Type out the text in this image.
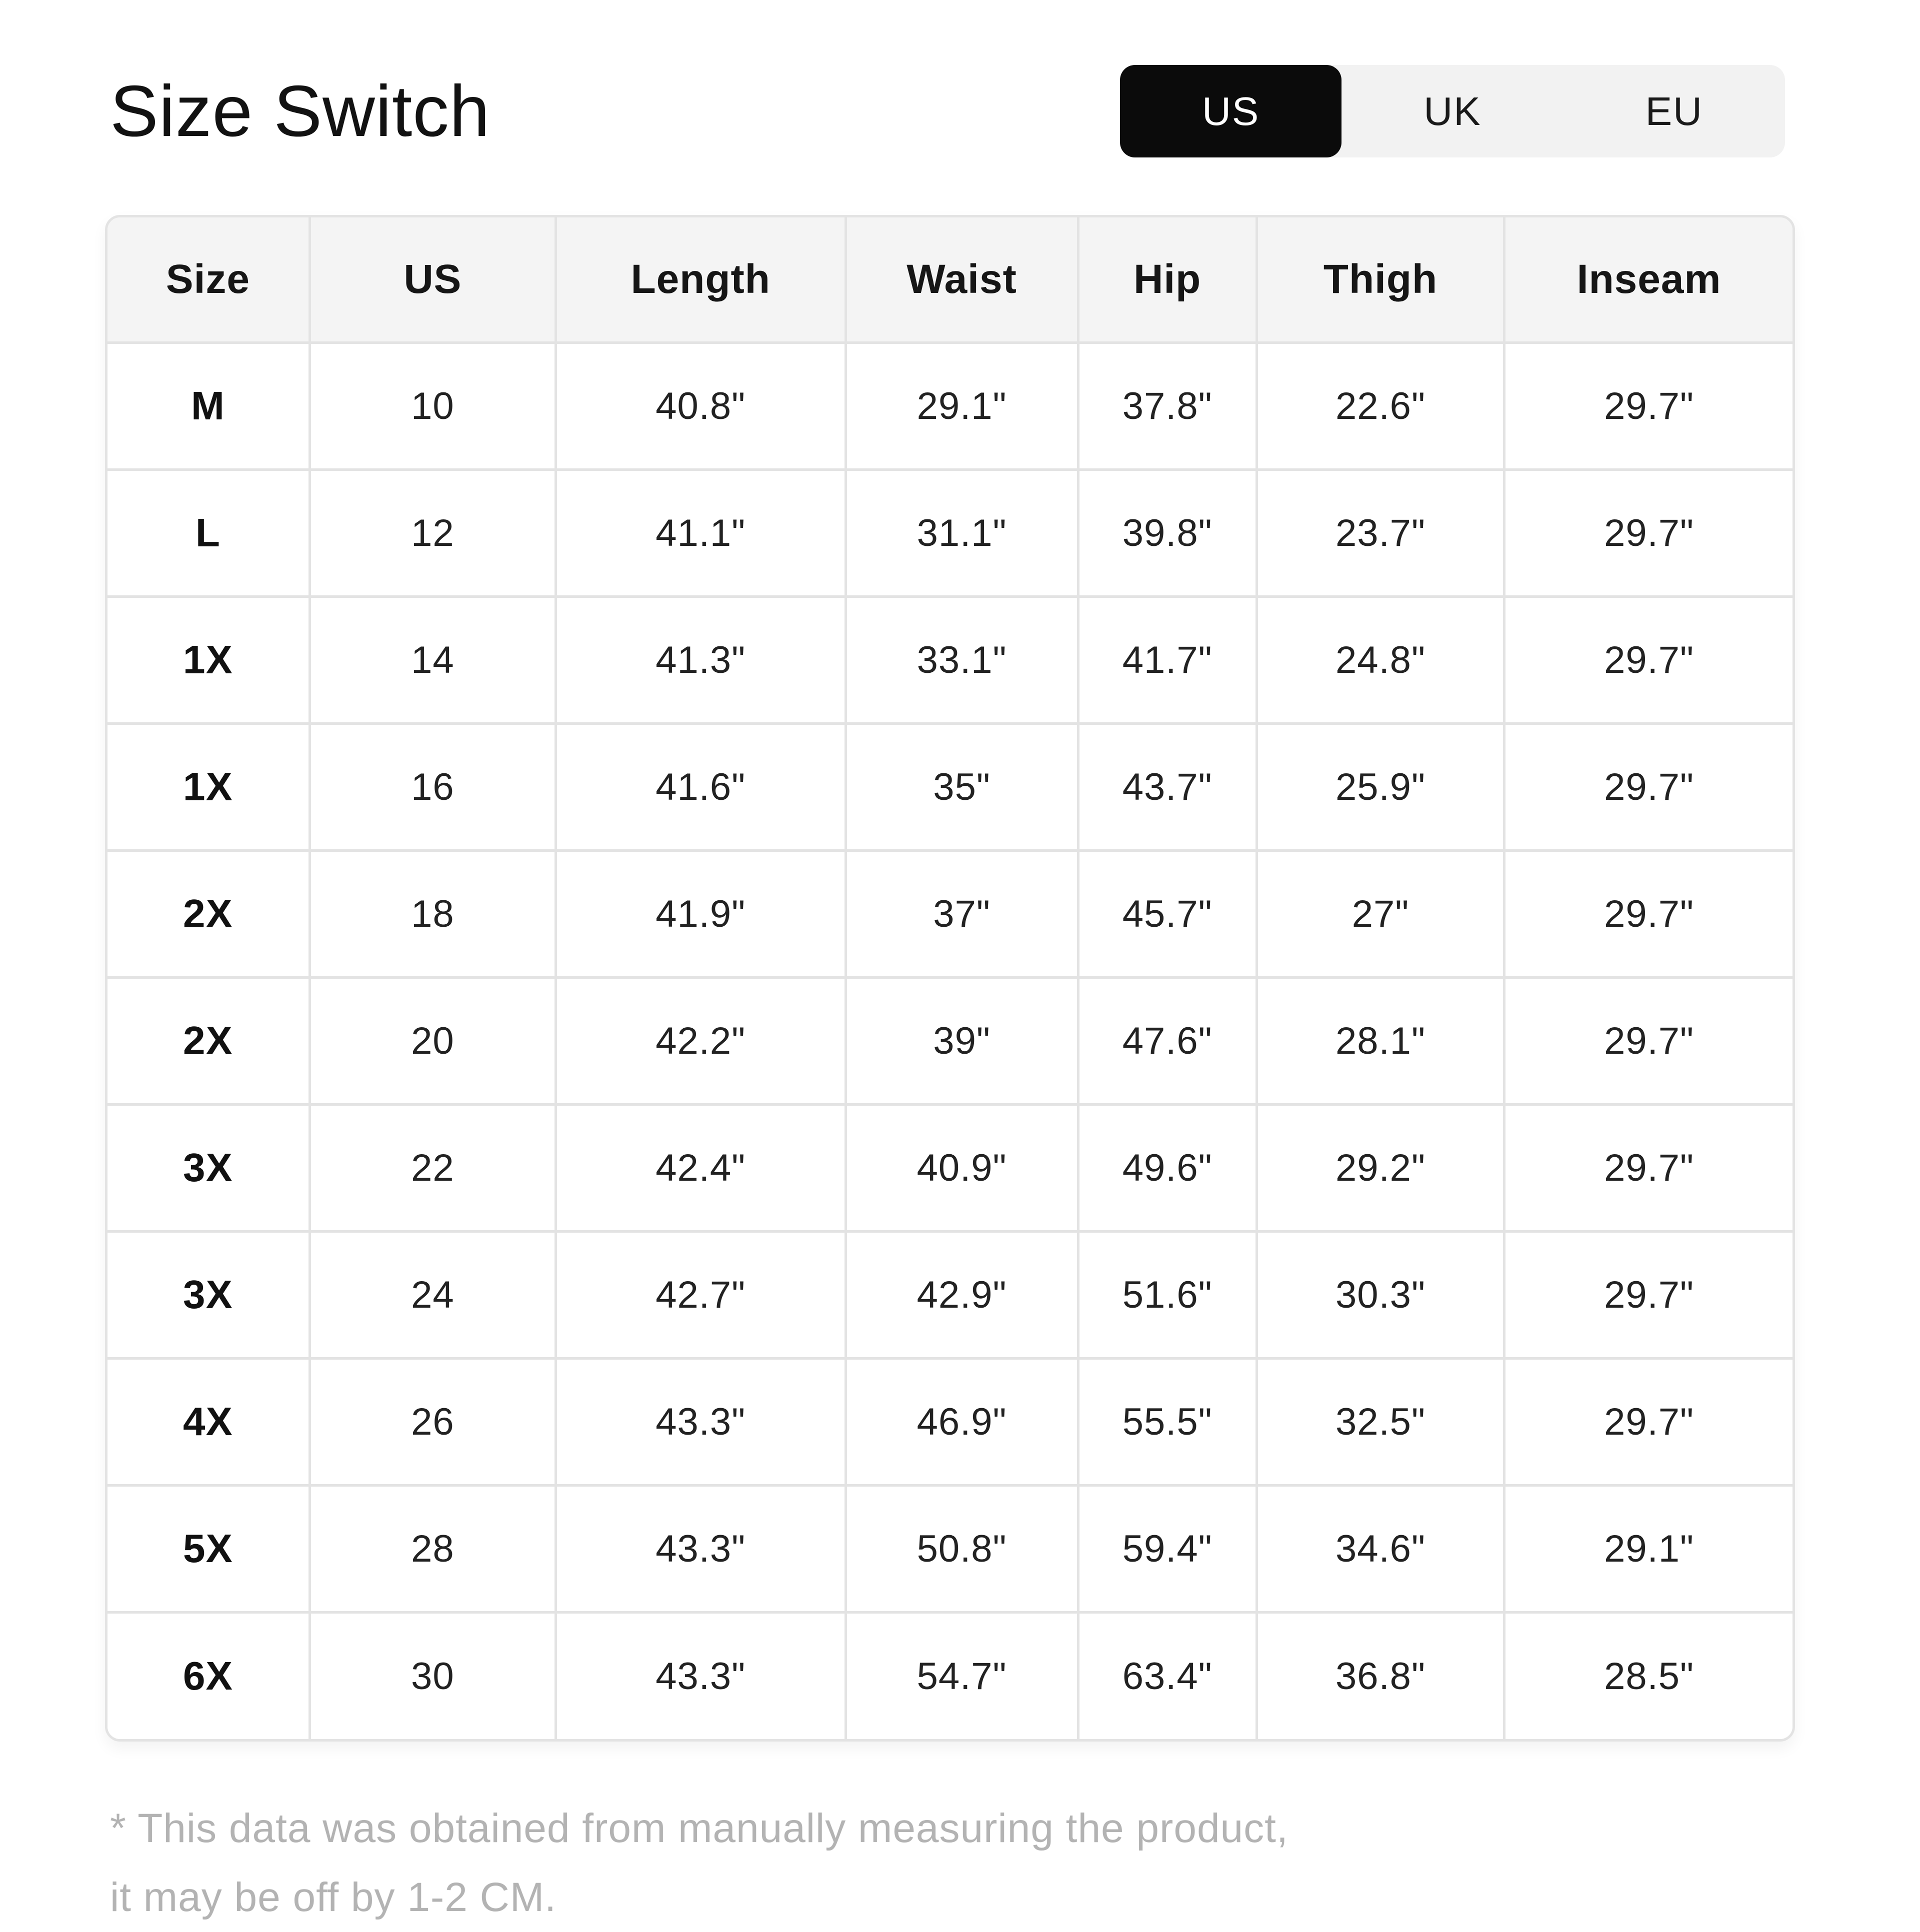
Size Switch	US	UK	EU
Size	US	Length	Waist	Hip	Thigh	Inseam
M	10	40.8"	29.1"	37.8"	22.6"	29.7"
L	12	41.1"	31.1"	39.8"	23.7"	29.7"
1X	14	41.3"	33.1"	41.7"	24.8"	29.7"
1X	16	41.6"	35"	43.7"	25.9"	29.7"
2X	18	41.9"	37"	45.7"	27"	29.7"
2X	20	42.2"	39"	47.6"	28.1"	29.7"
3X	22	42.4"	40.9"	49.6"	29.2"	29.7"
3X	24	42.7"	42.9"	51.6"	30.3"	29.7"
4X	26	43.3"	46.9"	55.5"	32.5"	29.7"
5X	28	43.3"	50.8"	59.4"	34.6"	29.1"
6X	30	43.3"	54.7"	63.4"	36.8"	28.5"
* This data was obtained from manually measuring the product,
it may be off by 1-2 CM.
